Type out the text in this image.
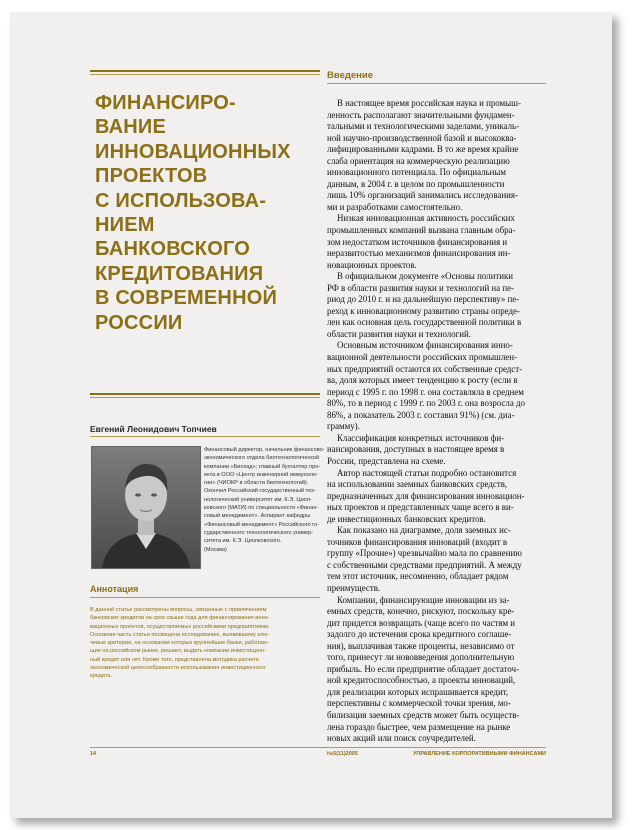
ФИНАНСИРО-
ВАНИЕ
ИННОВАЦИОННЫХ
ПРОЕКТОВ
С ИСПОЛЬЗОВА-
НИЕМ
БАНКОВСКОГО
КРЕДИТОВАНИЯ
В СОВРЕМЕННОЙ
РОССИИ

Евгений Леонидович Топчиев

Финансовый директор, начальник финансово-
экономического отдела биотехнологической
компании «Биохад»; главный бухгалтер про-
екта в ООО «Центр инженерной иммуноло-
гии» (ЧИОКР в области биотехнологий).
Окончил Российский государственный тех-
нологический университет им. К.Э. Циол-
ковского (МАТИ) по специальности «Финан-
совый менеджмент». Аспирант кафедры
«Финансовый менеджмент» Российского го-
сударственного технологического универ-
ситета им. К.Э. Циолковского.
(Москва)

Аннотация

В данной статье рассмотрены вопросы, связанные с привлечением
банковских кредитов на срок свыше года для финансирования инно-
вационных проектов, осуществляемых российскими предприятиями.
Основная часть статьи посвящена исследованию, выявившему клю-
чевые критерии, на основании которых крупнейшие банки, работаю-
щие на российском рынке, решают, выдать компании инвестицион-
ный кредит или нет. Кроме того, представлена методика расчета
экономической целесообразности использования инвестиционного
кредита.

Введение
В настоящее время российская наука и промыш-
ленность располагают значительными фундамен-
тальными и технологическими заделами, уникаль-
ной научно-производственной базой и высококва-
лифицированными кадрами. В то же время крайне
слаба ориентация на коммерческую реализацию
инновационного потенциала. По официальным
данным, в 2004 г. в целом по промышленности
лишь 10% организаций занимались исследования-
ми и разработками самостоятельно.
Низкая инновационная активность российских
промышленных компаний вызвана главным обра-
зом недостатком источников финансирования и
неразвитостью механизмов финансирования ин-
новационных проектов.
В официальном документе «Основы политики
РФ в области развития науки и технологий на пе-
риод до 2010 г. и на дальнейшую перспективу» пе-
реход к инновационному развитию страны опреде-
лен как основная цель государственной политики в
области развития науки и технологий.
Основным источником финансирования инно-
вационной деятельности российских промышлен-
ных предприятий остаются их собственные средст-
ва, доля которых имеет тенденцию к росту (если в
период с 1995 г. по 1998 г. она составляла в среднем
80%, то в период с 1999 г. по 2003 г. она возросла до
86%, а показатель 2003 г. составил 91%) (см. диа-
грамму).
Классификация конкретных источников фи-
нансирования, доступных в настоящее время в
России, представлена на схеме.
Автор настоящей статьи подробно остановится
на использовании заемных банковских средств,
предназначенных для финансирования инновацион-
ных проектов и представленных чаще всего в ви-
де инвестиционных банковских кредитов.
Как показано на диаграмме, доля заемных ис-
точников финансирования инноваций (входит в
группу «Прочие») чрезвычайно мала по сравнению
с собственными средствами предприятий. А между
тем этот источник, несомненно, обладает рядом
преимуществ.
Компании, финансирующие инновации из за-
емных средств, конечно, рискуют, поскольку кре-
дит придется возвращать (чаще всего по частям и
задолго до истечения срока кредитного соглаше-
ния), выплачивая также проценты, независимо от
того, принесут ли нововведения дополнительную
прибыль. Но если предприятие обладает достаточ-
ной кредитоспособностью, а проекты инноваций,
для реализации которых испрашивается кредит,
перспективны с коммерческой точки зрения, мо-
билизация заемных средств может быть осуществ-
лена гораздо быстрее, чем размещение на рынке
новых акций или поиск соучредителей.

14	№5(11)2005	УПРАВЛЕНИЕ КОРПОРАТИВНЫМИ ФИНАНСАМИ
